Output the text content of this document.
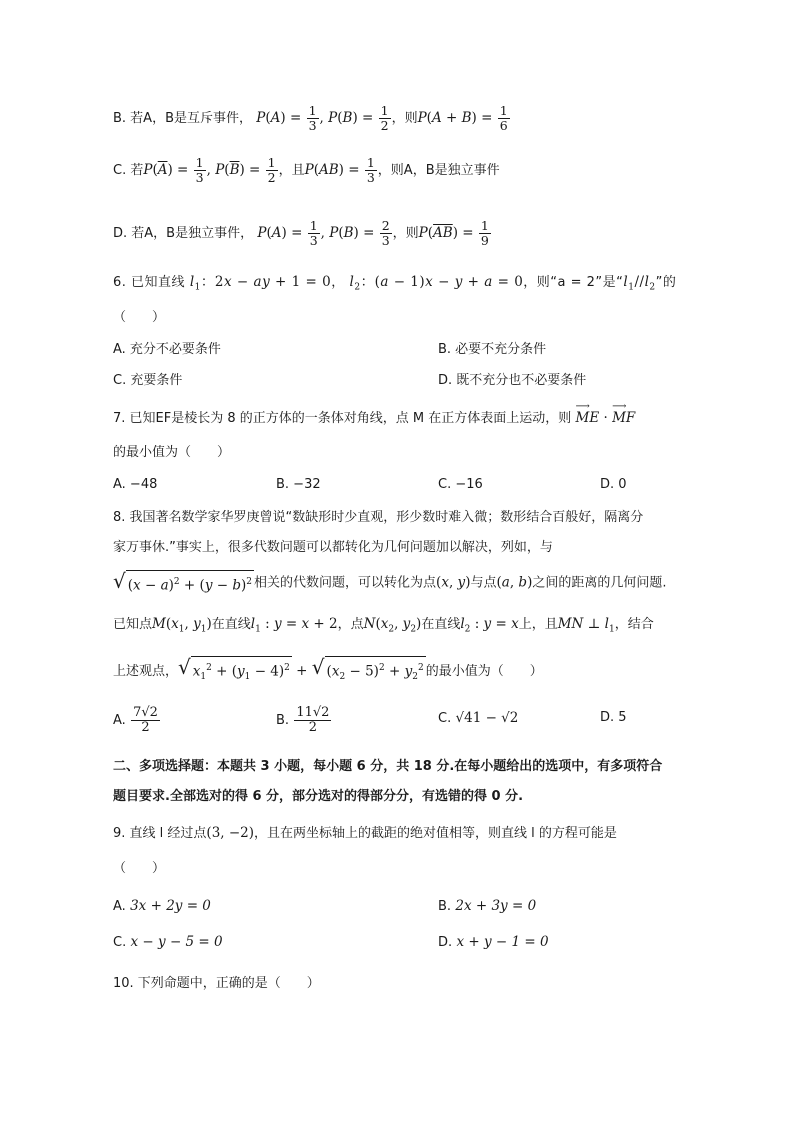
B. 若A，B是互斥事件， $P(A) = \frac{1}{3}$ , $P(B) = \frac{1}{2}$ ，则$P(A + B) = \frac{1}{6}$
C. 若$P(\overline{A}) = \frac{1}{3}$ , $P(\overline{B}) = \frac{1}{2}$ ，且$P(AB) = \frac{1}{3}$ ，则A，B是独立事件
D. 若A，B是独立事件， $P(A) = \frac{1}{3}$ , $P(B) = \frac{2}{3}$ ，则$P(\overline{AB}) = \frac{1}{9}$
6. 已知直线 $l_1$：2x − ay + 1 = 0， $l_2$：(a − 1)x − y + a = 0，则“a = 2”是“$l_1//l_2$”的
（　　）
A. 充分不必要条件	B. 必要不充分条件
C. 充要条件	D. 既不充分也不必要条件
7. 已知EF是棱长为 8 的正方体的一条体对角线，点 M 在正方体表面上运动，则 ⟶ ME · ⟶ MF
的最小值为（　　）
A. −48	B. −32	C. −16	D. 0
8. 我国著名数学家华罗庚曾说“数缺形时少直观，形少数时难入微；数形结合百般好，隔离分
家万事休.”事实上，很多代数问题可以都转化为几何问题加以解决，列如，与
√ $(x - a)^2 + (y - b)^2$ 相关的代数问题，可以转化为点(x, y)与点(a, b)之间的距离的几何问题.
已知点$M(x_1$, $y_1$)在直线$l_1$ : y = x + 2，点$N(x_2$, $y_2$)在直线$l_2$ : y = x上，且MN ⊥ $l_1$，结合
上述观点， √ $x_1^2 + (y_1 - 4)^2$ + √ $(x_2 - 5)^2 + y_2^2$ 的最小值为（　　）
A. $\frac{7√2}{2}$	B. $\frac{11√2}{2}$	C. √41 − √2	D. 5
二、多项选择题：本题共 3 小题，每小题 6 分，共 18 分.在每小题给出的选项中，有多项符合
题目要求.全部选对的得 6 分，部分选对的得部分分，有选错的得 0 分.
9. 直线 l 经过点(3, −2)，且在两坐标轴上的截距的绝对值相等，则直线 l 的方程可能是
（　　）
A. 3x + 2y = 0	B. 2x + 3y = 0
C. x − y − 5 = 0	D. x + y − 1 = 0
10. 下列命题中，正确的是（　　）
